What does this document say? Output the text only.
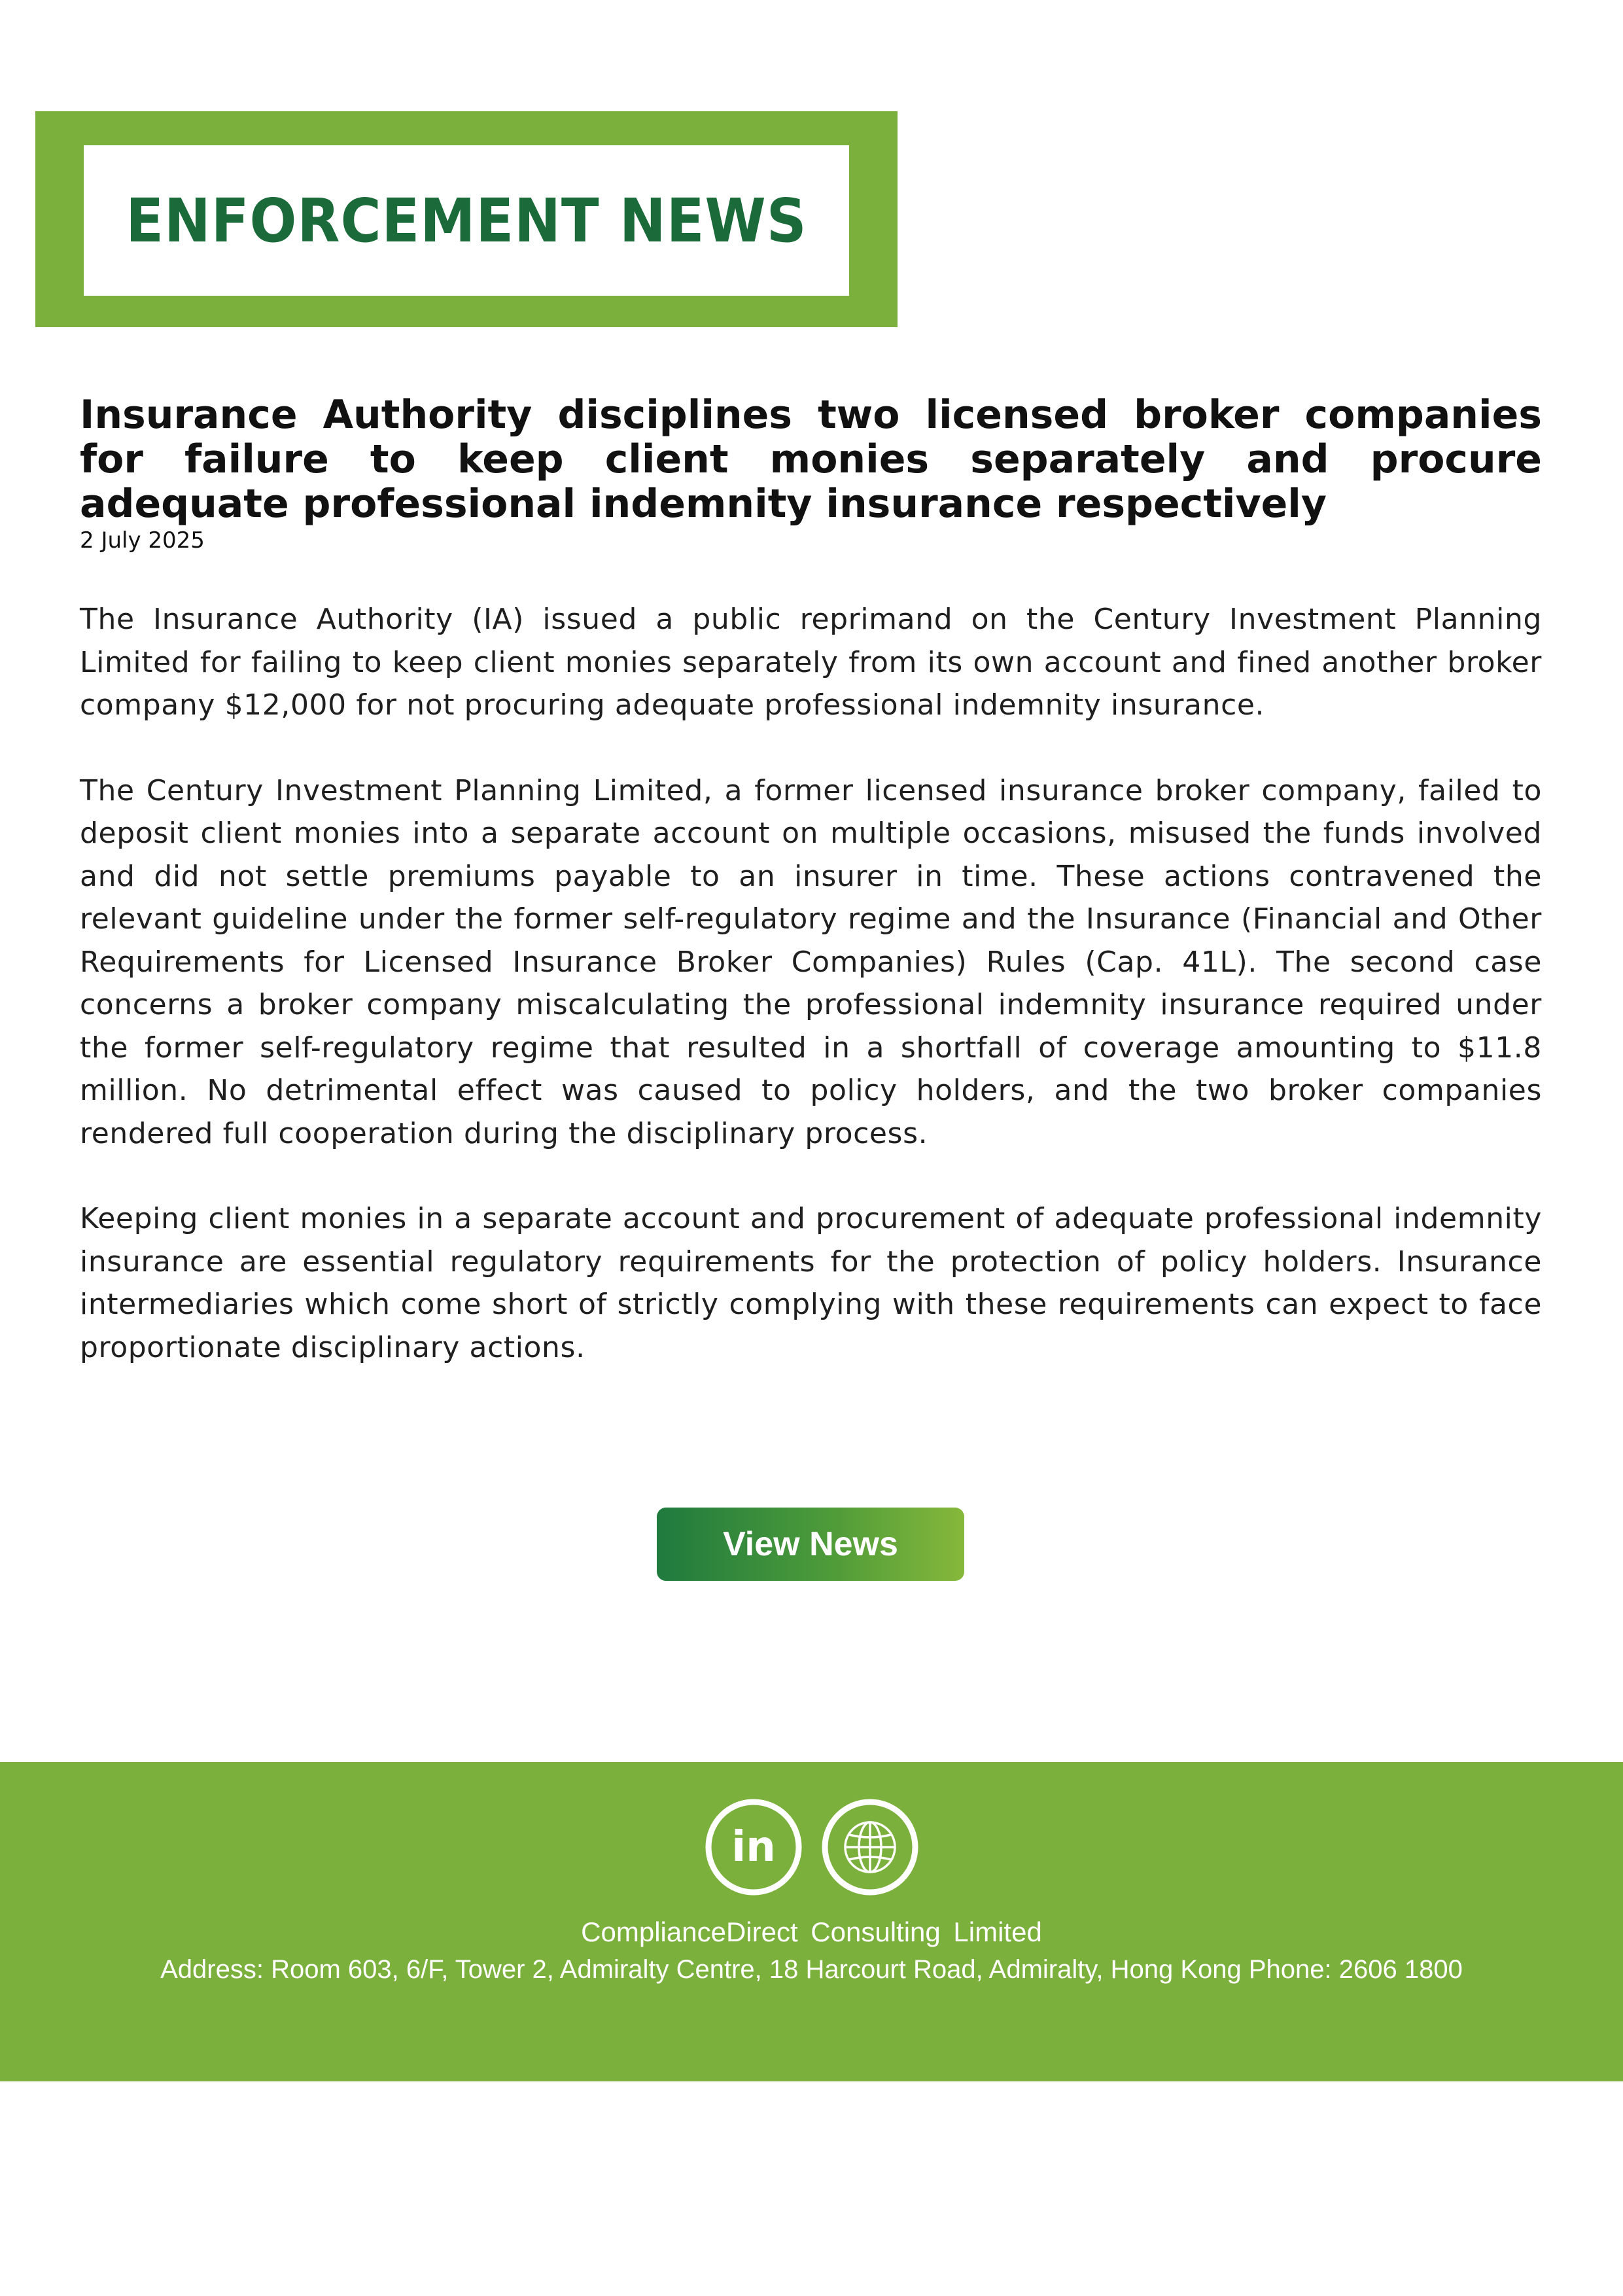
ENFORCEMENT NEWS
Insurance Authority disciplines two licensed broker companies for failure to keep client monies separately and procure adequate professional indemnity insurance respectively

2 July 2025

The Insurance Authority (IA) issued a public reprimand on the Century Investment Planning Limited for failing to keep client monies separately from its own account and fined another broker company $12,000 for not procuring adequate professional indemnity insurance.

The Century Investment Planning Limited, a former licensed insurance broker company, failed to deposit client monies into a separate account on multiple occasions, misused the funds involved and did not settle premiums payable to an insurer in time. These actions contravened the relevant guideline under the former self-regulatory regime and the Insurance (Financial and Other Requirements for Licensed Insurance Broker Companies) Rules (Cap. 41L). The second case concerns a broker company miscalculating the professional indemnity insurance required under the former self-regulatory regime that resulted in a shortfall of coverage amounting to $11.8 million. No detrimental effect was caused to policy holders, and the two broker companies rendered full cooperation during the disciplinary process.

Keeping client monies in a separate account and procurement of adequate professional indemnity insurance are essential regulatory requirements for the protection of policy holders. Insurance intermediaries which come short of strictly complying with these requirements can expect to face proportionate disciplinary actions.

View News
in
ComplianceDirect Consulting Limited
Address: Room 603, 6/F, Tower 2, Admiralty Centre, 18 Harcourt Road, Admiralty, Hong Kong Phone: 2606 1800
